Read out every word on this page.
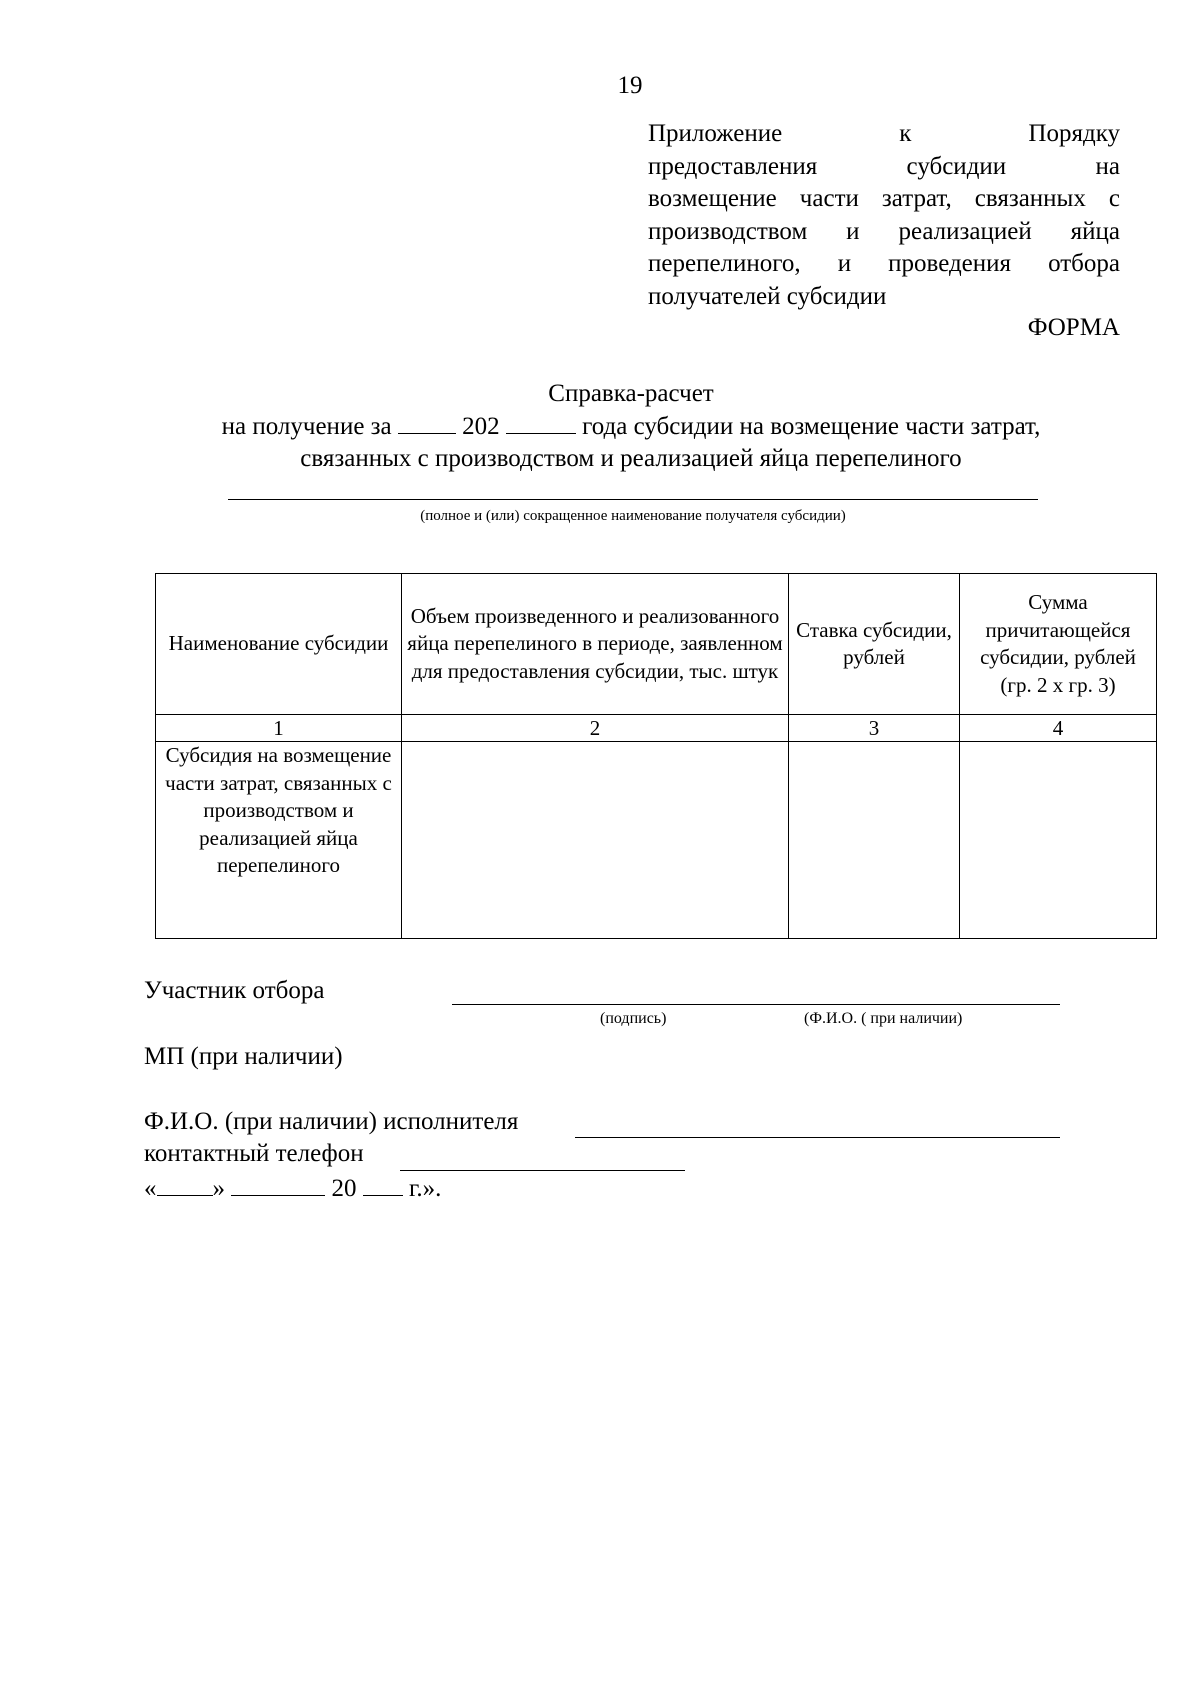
19
Приложение к Порядку
предоставления субсидии на
возмещение части затрат, связанных с
производством и реализацией яйца
перепелиного, и проведения отбора
получателей субсидии
ФОРМА
Справка-расчет
на получение за	202	года субсидии на возмещение части затрат,
связанных с производством и реализацией яйца перепелиного
(полное и (или) сокращенное наименование получателя субсидии)
Наименование субсидии	Объем произведенного и реализованного яйца перепелиного в периоде, заявленном для предоставления субсидии, тыс. штук	Ставка субсидии, рублей	Сумма причитающейся субсидии, рублей (гр. 2 х гр. 3)
1	2	3	4
Субсидия на возмещение части затрат, связанных с производством и реализацией яйца перепелиного			
Участник отбора
(подпись)	(Ф.И.О. ( при наличии)
МП (при наличии)
Ф.И.О. (при наличии) исполнителя
контактный телефон
« »	20 г.».
